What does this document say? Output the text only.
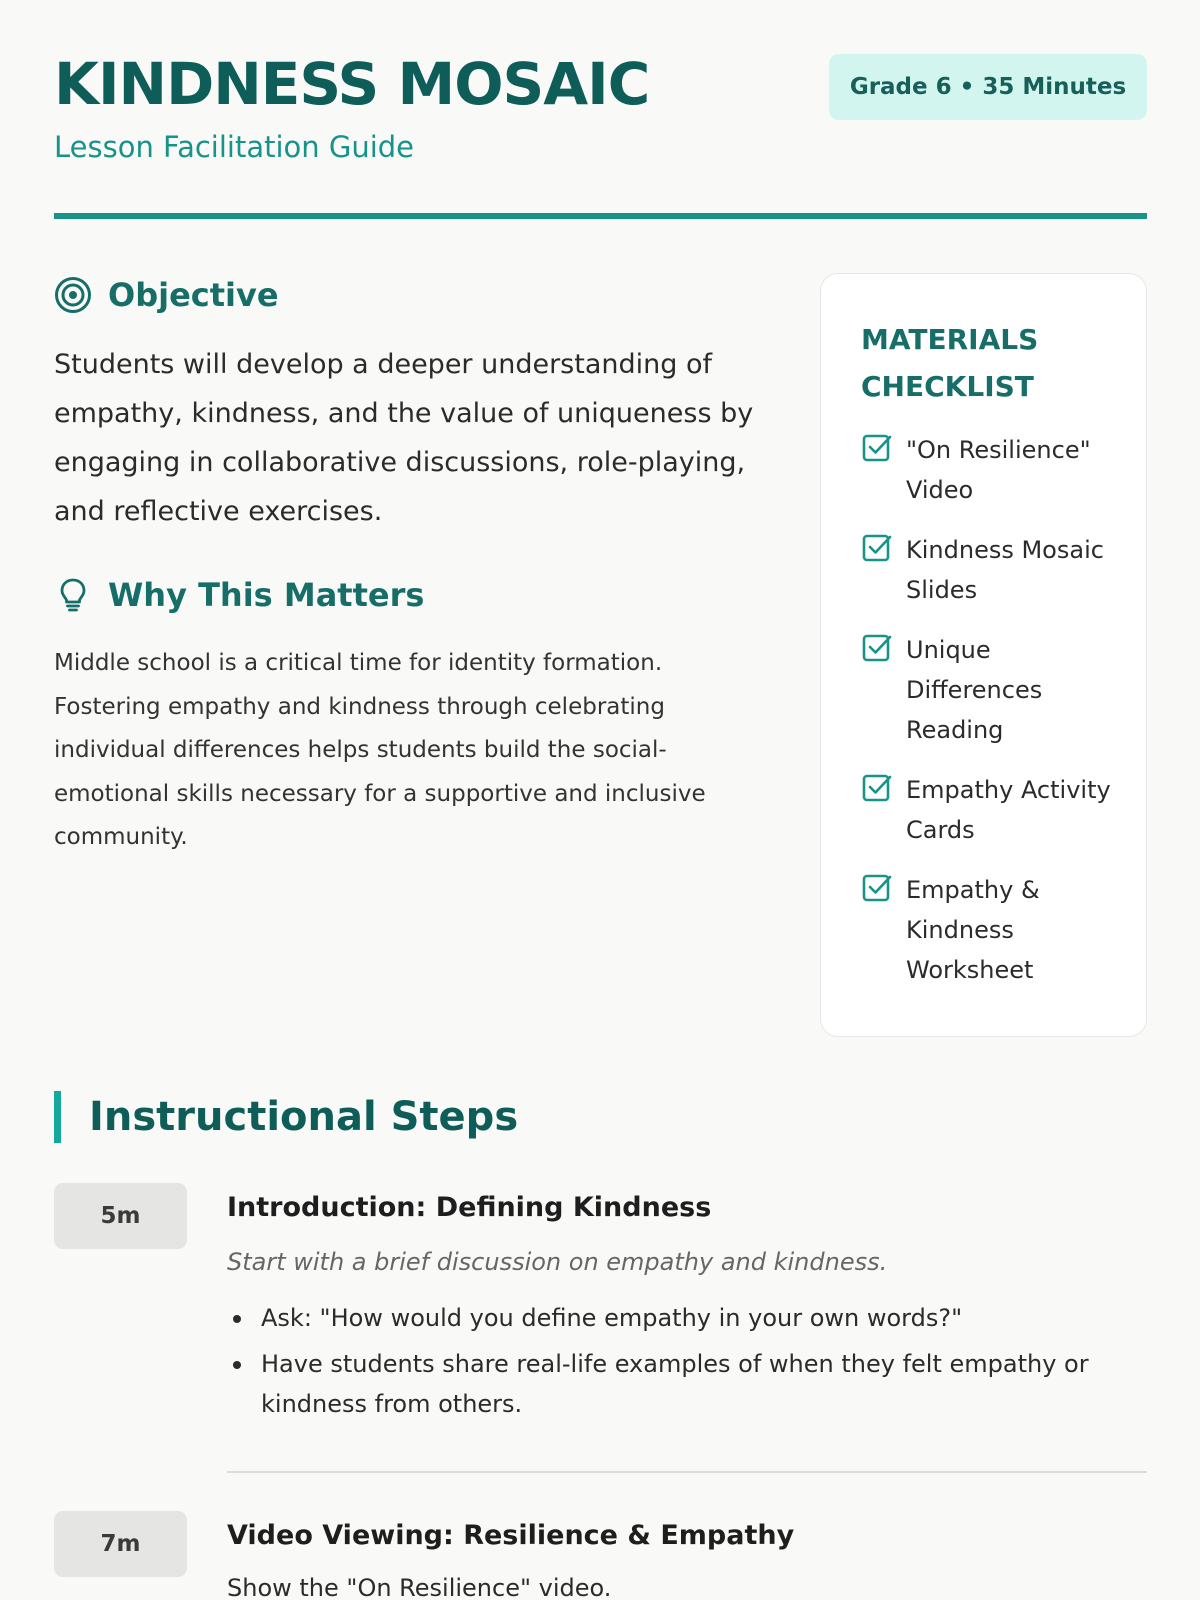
KINDNESS MOSAIC
Lesson Facilitation Guide
Grade 6 • 35 Minutes
Objective

Students will develop a deeper understanding of empathy, kindness, and the value of uniqueness by engaging in collaborative discussions, role-playing, and reflective exercises.

Why This Matters

Middle school is a critical time for identity formation. Fostering empathy and kindness through celebrating individual differences helps students build the social-emotional skills necessary for a supportive and inclusive community.

MATERIALS CHECKLIST
"On Resilience" Video
Kindness Mosaic Slides
Unique Differences Reading
Empathy Activity Cards
Empathy & Kindness Worksheet
Instructional Steps
5m	Introduction: Defining Kindness
Start with a brief discussion on empathy and kindness.
Ask: "How would you define empathy in your own words?"
Have students share real-life examples of when they felt empathy or kindness from others.
7m	Video Viewing: Resilience & Empathy
Show the "On Resilience" video.
